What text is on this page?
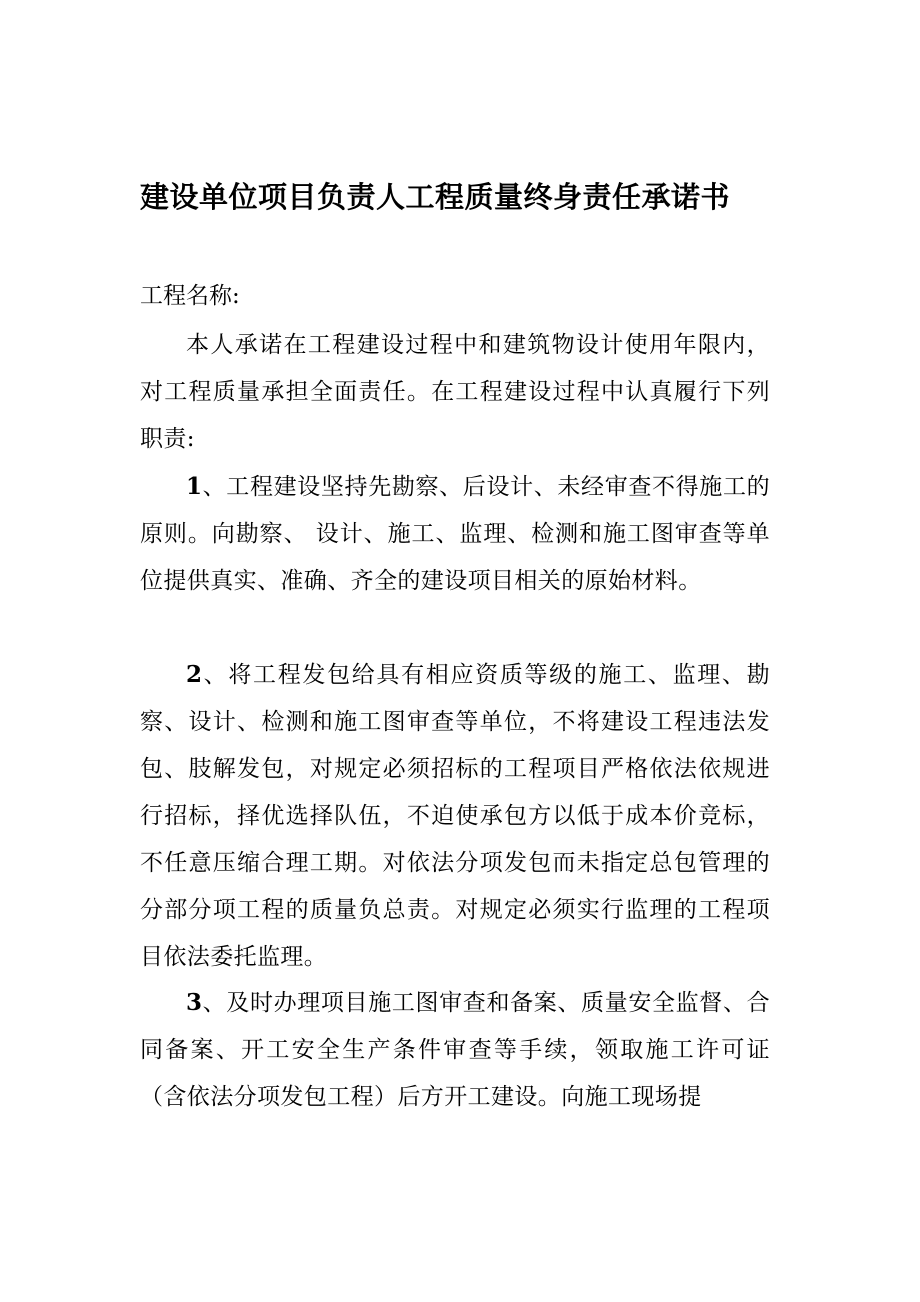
建设单位项目负责人工程质量终身责任承诺书
工程名称:

本人承诺在工程建设过程中和建筑物设计使用年限内，对工程质量承担全面责任。在工程建设过程中认真履行下列职责:

1、工程建设坚持先勘察、后设计、未经审查不得施工的原则。向勘察、 设计、施工、监理、检测和施工图审查等单位提供真实、准确、齐全的建设项目相关的原始材料。

2、将工程发包给具有相应资质等级的施工、监理、勘察、设计、检测和施工图审查等单位，不将建设工程违法发包、肢解发包，对规定必须招标的工程项目严格依法依规进行招标，择优选择队伍，不迫使承包方以低于成本价竞标，不任意压缩合理工期。对依法分项发包而未指定总包管理的分部分项工程的质量负总责。对规定必须实行监理的工程项目依法委托监理。

3、及时办理项目施工图审查和备案、质量安全监督、合同备案、开工安全生产条件审查等手续，领取施工许可证（含依法分项发包工程）后方开工建设。向施工现场提
